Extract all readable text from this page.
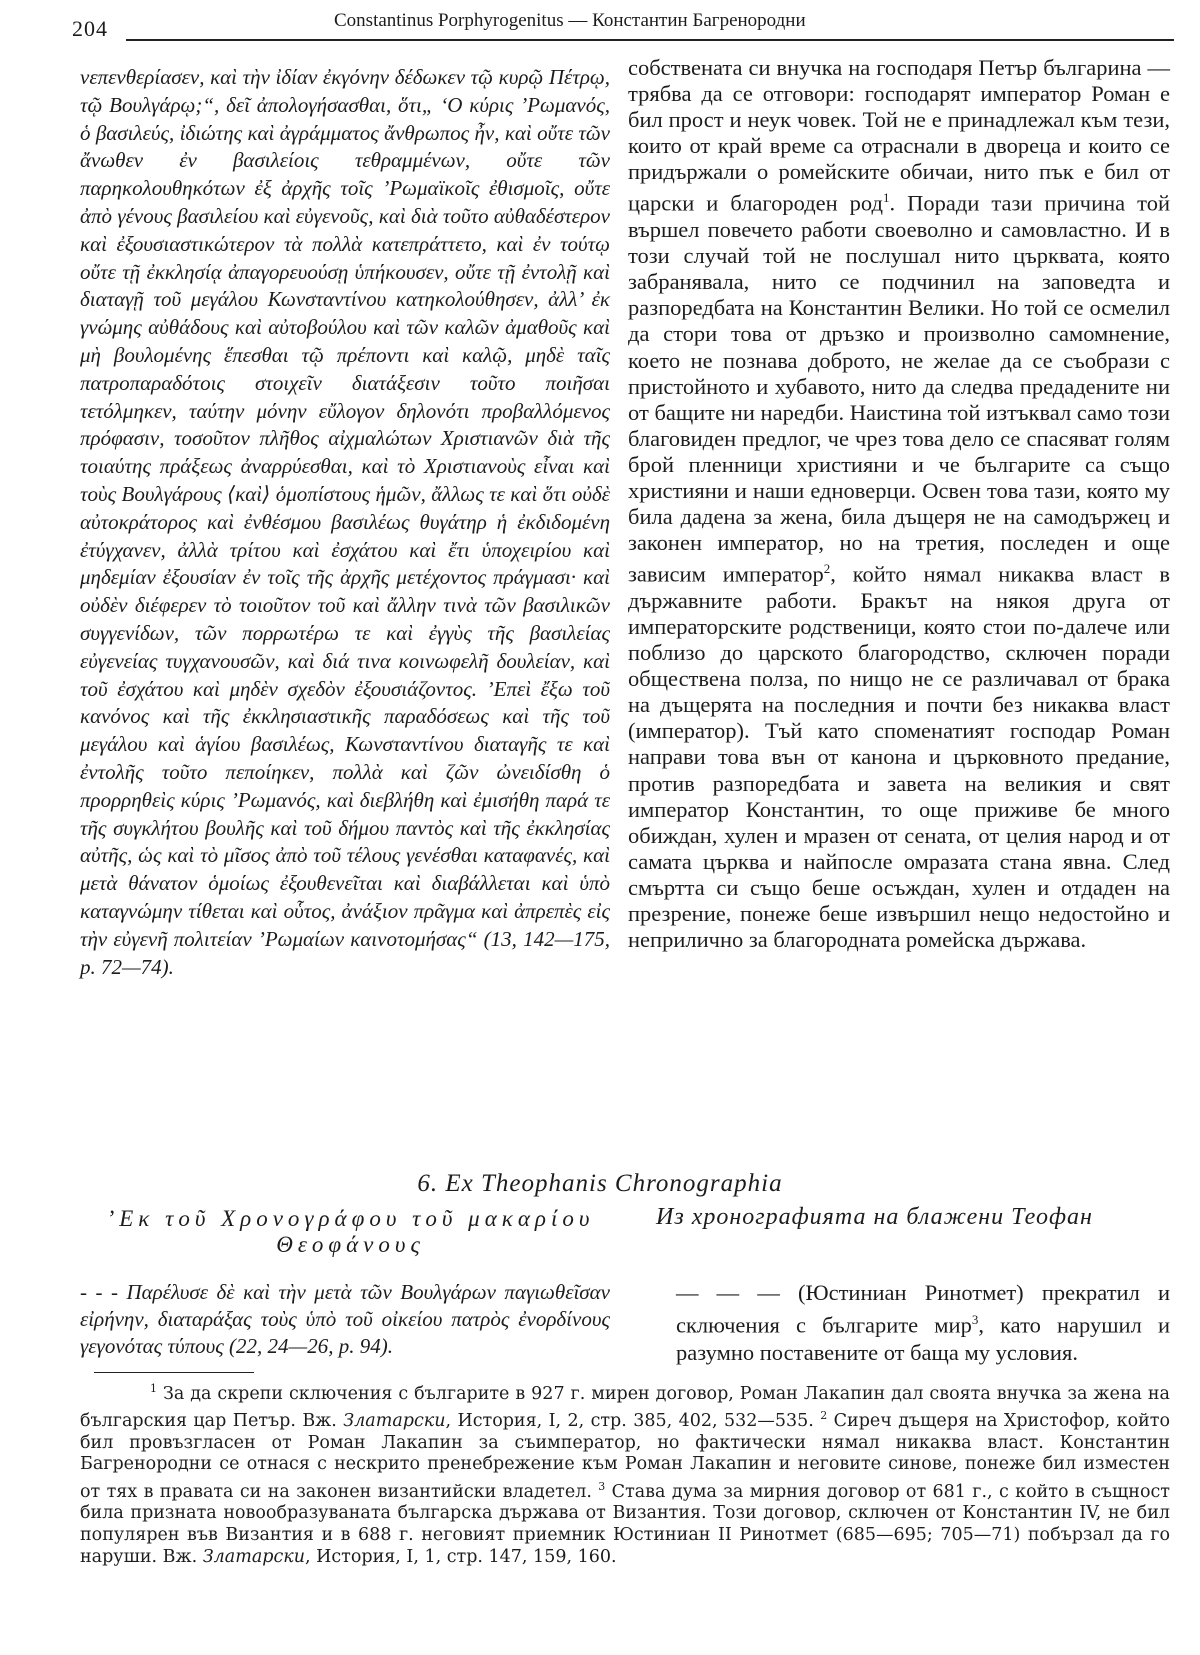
204	Constantinus Porphyrogenitus — Константин Багренородни

νεπενθερίασεν, καὶ τὴν ἰδίαν ἐκγόνην δέδωκεν τῷ κυρῷ Πέτρῳ, τῷ Βουλγάρῳ;“, δεῖ ἀπολογήσασθαι, ὅτι„ ‘Ο κύρις ’Ρωμανός, ὁ βασιλεύς, ἰδιώτης καὶ ἀγράμματος ἄνθρωπος ἦν, καὶ οὔτε τῶν ἄνωθεν ἐν βασιλείοις τεθραμμένων, οὔτε τῶν παρηκολουθηκότων ἐξ ἀρχῆς τοῖς ’Ρωμαϊκοῖς ἐθισμοῖς, οὔτε ἀπὸ γένους βασιλείου καὶ εὐγενοῦς, καὶ διὰ τοῦτο αὐθαδέστερον καὶ ἐξουσιαστικώτερον τὰ πολλὰ κατεπράττετο, καὶ ἐν τούτῳ οὔτε τῇ ἐκκλησίᾳ ἀπαγορευούσῃ ὑπήκουσεν, οὔτε τῇ ἐντολῇ καὶ διαταγῇ τοῦ μεγάλου Κωνσταντίνου κατηκολούθησεν, ἀλλ’ ἐκ γνώμης αὐθάδους καὶ αὐτοβούλου καὶ τῶν καλῶν ἀμαθοῦς καὶ μὴ βουλομένης ἕπεσθαι τῷ πρέποντι καὶ καλῷ, μηδὲ ταῖς πατροπαραδότοις στοιχεῖν διατάξεσιν τοῦτο ποιῆσαι τετόλμηκεν, ταύτην μόνην εὔλογον δηλονότι προβαλλόμενος πρόφασιν, τοσοῦτον πλῆθος αἰχμαλώτων Χριστιανῶν διὰ τῆς τοιαύτης πράξεως ἀναρρύεσθαι, καὶ τὸ Χριστιανοὺς εἶναι καὶ τοὺς Βουλγάρους ⟨καὶ⟩ ὁμοπίστους ἡμῶν, ἄλλως τε καὶ ὅτι οὐδὲ αὐτοκράτορος καὶ ἐνθέσμου βασιλέως θυγάτηρ ἡ ἐκδιδομένη ἐτύγχανεν, ἀλλὰ τρίτου καὶ ἐσχάτου καὶ ἔτι ὑποχειρίου καὶ μηδεμίαν ἐξουσίαν ἐν τοῖς τῆς ἀρχῆς μετέχοντος πράγμασι· καὶ οὐδὲν διέφερεν τὸ τοιοῦτον τοῦ καὶ ἄλλην τινὰ τῶν βασιλικῶν συγγενίδων, τῶν πορρωτέρω τε καὶ ἐγγὺς τῆς βασιλείας εὐγενείας τυγχανουσῶν, καὶ διά τινα κοινωφελῆ δουλείαν, καὶ τοῦ ἐσχάτου καὶ μηδὲν σχεδὸν ἐξουσιάζοντος. ’Επεὶ ἔξω τοῦ κανόνος καὶ τῆς ἐκκλησιαστικῆς παραδόσεως καὶ τῆς τοῦ μεγάλου καὶ ἁγίου βασιλέως, Κωνσταντίνου διαταγῆς τε καὶ ἐντολῆς τοῦτο πεποίηκεν, πολλὰ καὶ ζῶν ὠνειδίσθη ὁ προρρηθεὶς κύρις ’Ρωμανός, καὶ διεβλήθη καὶ ἐμισήθη παρά τε τῆς συγκλήτου βουλῆς καὶ τοῦ δήμου παντὸς καὶ τῆς ἐκκλησίας αὐτῆς, ὡς καὶ τὸ μῖσος ἀπὸ τοῦ τέλους γενέσθαι καταφανές, καὶ μετὰ θάνατον ὁμοίως ἐξουθενεῖται καὶ διαβάλλεται καὶ ὑπὸ καταγνώμην τίθεται καὶ οὗτος, ἀνάξιον πρᾶγμα καὶ ἀπρεπὲς εἰς τὴν εὐγενῆ πολιτείαν ’Ρωμαίων καινοτομήσας“ (13, 142—175, p. 72—74).

собствената си внучка на господаря Петър българина — трябва да се отговори: господарят император Роман е бил прост и неук човек. Той не е принадлежал към тези, които от край време са отраснали в двореца и които се придържали о ромейските обичаи, нито пък е бил от царски и благороден род$^1$. Поради тази причина той вършел повечето работи своеволно и самовластно. И в този случай той не послушал нито църквата, която забранявала, нито се подчинил на заповедта и разпоредбата на Константин Велики. Но той се осмелил да стори това от дръзко и произволно самомнение, което не познава доброто, не желае да се съобрази с пристойното и хубавото, нито да следва предадените ни от бащите ни наредби. Наистина той изтъквал само този благовиден предлог, че чрез това дело се спасяват голям брой пленници християни и че българите са също християни и наши едноверци. Освен това тази, която му била дадена за жена, била дъщеря не на самодържец и законен император, но на третия, последен и още зависим император$^2$, който нямал никаква власт в държавните работи. Бракът на някоя друга от императорските родственици, която стои по-далече или поблизо до царското благородство, сключен поради обществена полза, по нищо не се различавал от брака на дъщерята на последния и почти без никаква власт (император). Тъй като споменатият господар Роман направи това вън от канона и църковното предание, против разпоредбата и завета на великия и свят император Константин, то още приживе бе много обиждан, хулен и мразен от сената, от целия народ и от самата църква и найпосле омразата стана явна. След смъртта си също беше осъждан, хулен и отдаден на презрение, понеже беше извършил нещо недостойно и неприлично за благородната ромейска държава.

6. Ex Theophanis Chronographia
’Εκ τοῦ Χρονογράφου τοῦ μακαρίου Θεοφάνους
Из хронографията на блажени Теофан

- - - Παρέλυσε δὲ καὶ τὴν μετὰ τῶν Βουλγάρων παγιωθεῖσαν εἰρήνην, διαταράξας τοὺς ὑπὸ τοῦ οἰκείου πατρὸς ἐνορδίνους γεγονότας τύπους (22, 24—26, p. 94).

— — — (Юстиниан Ринотмет) прекратил и сключения с българите мир$^3$, като нарушил и разумно поставените от баща му условия.

$^1$ За да скрепи сключения с българите в 927 г. мирен договор, Роман Лакапин дал своята внучка за жена на българския цар Петър. Вж. Златарски, История, I, 2, стр. 385, 402, 532—535. $^2$ Сиреч дъщеря на Христофор, който бил провъзгласен от Роман Лакапин за съимператор, но фактически нямал никаква власт. Константин Багренородни се отнася с нескрито пренебрежение към Роман Лакапин и неговите синове, понеже бил изместен от тях в правата си на законен византийски владетел. $^3$ Става дума за мирния договор от 681 г., с който в същност била призната новообразуваната българска държава от Византия. Този договор, сключен от Константин IV, не бил популярен във Византия и в 688 г. неговият приемник Юстиниан II Ринотмет (685—695; 705—71) побързал да го наруши. Вж. Златарски, История, I, 1, стр. 147, 159, 160.
